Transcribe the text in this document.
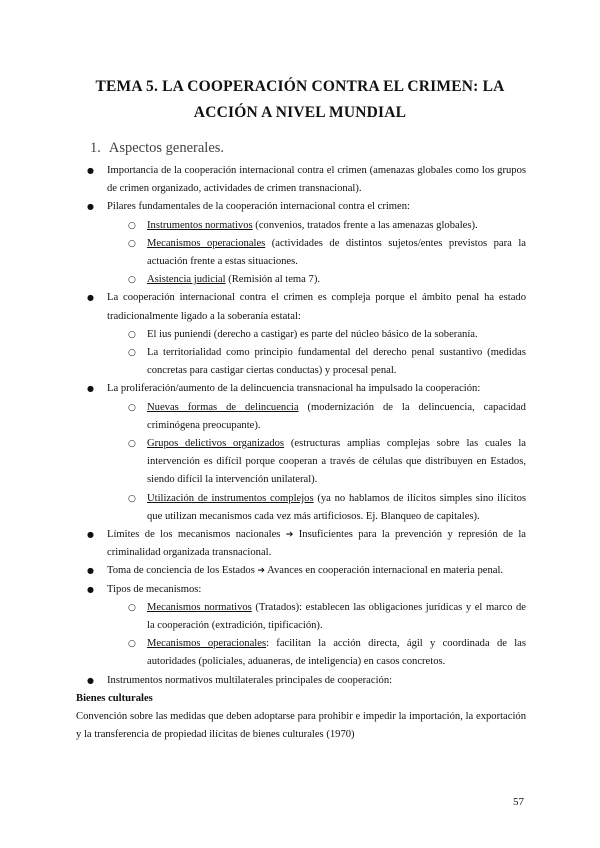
TEMA 5. LA COOPERACIÓN CONTRA EL CRIMEN: LA
ACCIÓN A NIVEL MUNDIAL
1. Aspectos generales.
● Importancia de la cooperación internacional contra el crimen (amenazas globales como los grupos de crimen organizado, actividades de crimen transnacional).
● Pilares fundamentales de la cooperación internacional contra el crimen:
○ Instrumentos normativos (convenios, tratados frente a las amenazas globales).
○ Mecanismos operacionales (actividades de distintos sujetos/entes previstos para la actuación frente a estas situaciones.
○ Asistencia judicial (Remisión al tema 7).
● La cooperación internacional contra el crimen es compleja porque el ámbito penal ha estado tradicionalmente ligado a la soberanía estatal:
○ El ius puniendi (derecho a castigar) es parte del núcleo básico de la soberanía.
○ La territorialidad como principio fundamental del derecho penal sustantivo (medidas concretas para castigar ciertas conductas) y procesal penal.
● La proliferación/aumento de la delincuencia transnacional ha impulsado la cooperación:
○ Nuevas formas de delincuencia (modernización de la delincuencia, capacidad criminógena preocupante).
○ Grupos delictivos organizados (estructuras amplias complejas sobre las cuales la intervención es difícil porque cooperan a través de células que distribuyen en Estados, siendo difícil la intervención unilateral).
○ Utilización de instrumentos complejos (ya no hablamos de ilícitos simples sino ilícitos que utilizan mecanismos cada vez más artificiosos. Ej. Blanqueo de capitales).
● Límites de los mecanismos nacionales ➔ Insuficientes para la prevención y represión de la criminalidad organizada transnacional.
● Toma de conciencia de los Estados ➔ Avances en cooperación internacional en materia penal.
● Tipos de mecanismos:
○ Mecanismos normativos (Tratados): establecen las obligaciones jurídicas y el marco de la cooperación (extradición, tipificación).
○ Mecanismos operacionales: facilitan la acción directa, ágil y coordinada de las autoridades (policiales, aduaneras, de inteligencia) en casos concretos.
● Instrumentos normativos multilaterales principales de cooperación:
Bienes culturales
Convención sobre las medidas que deben adoptarse para prohibir e impedir la importación, la exportación y la transferencia de propiedad ilícitas de bienes culturales (1970)
57
